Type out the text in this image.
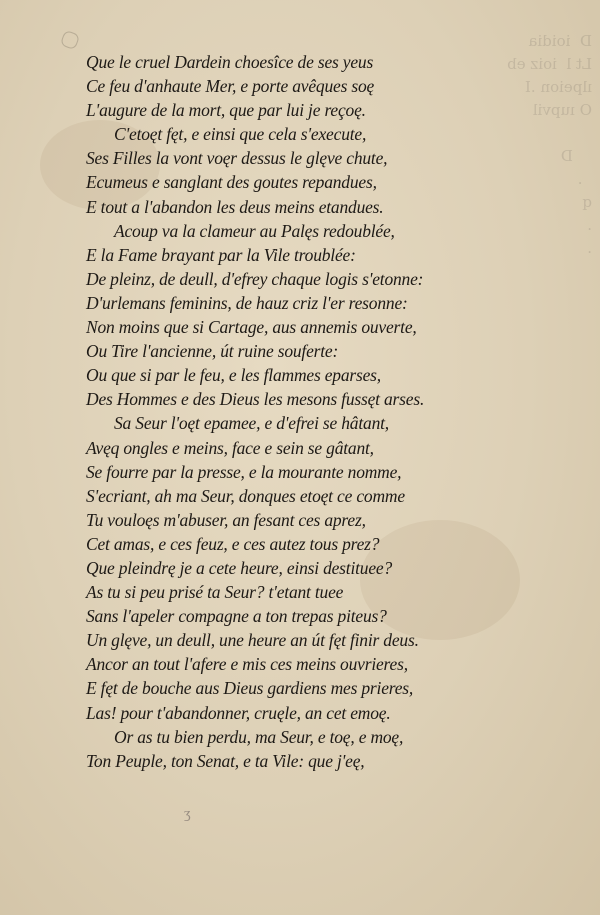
D  ioidia
Lt l  ioiz eb
ılpeion .I
O ıupvil

D
.
q
.
.
Que le cruel Dardein choesîce de ses yeus
Ce feu d'anhaute Mer, e porte avêques soę
L'augure de la mort, que par lui je reçoę.
C'etoęt fęt, e einsi que cela s'execute,
Ses Filles la vont voęr dessus le glęve chute,
Ecumeus e sanglant des goutes repandues,
E tout a l'abandon les deus meins etandues.
Acoup va la clameur au Palęs redoublée,
E la Fame brayant par la Vile troublée:
De pleinz, de deull, d'efrey chaque logis s'etonne:
D'urlemans feminins, de hauz criz l'er resonne:
Non moins que si Cartage, aus annemis ouverte,
Ou Tire l'ancienne, út ruine souferte:
Ou que si par le feu, e les flammes eparses,
Des Hommes e des Dieus les mesons fussęt arses.
Sa Seur l'oęt epamee, e d'efrei se hâtant,
Avęq ongles e meins, face e sein se gâtant,
Se fourre par la presse, e la mourante nomme,
S'ecriant, ah ma Seur, donques etoęt ce comme
Tu vouloęs m'abuser, an fesant ces aprez,
Cet amas, e ces feuz, e ces autez tous prez?
Que pleindrę je a cete heure, einsi destituee?
As tu si peu prisé ta Seur? t'etant tuee
Sans l'apeler compagne a ton trepas piteus?
Un glęve, un deull, une heure an út fęt finir deus.
Ancor an tout l'afere e mis ces meins ouvrieres,
E fęt de bouche aus Dieus gardiens mes prieres,
Las! pour t'abandonner, cruęle, an cet emoę.
Or as tu bien perdu, ma Seur, e toę, e moę,
Ton Peuple, ton Senat, e ta Vile: que j'eę,
ʒ
